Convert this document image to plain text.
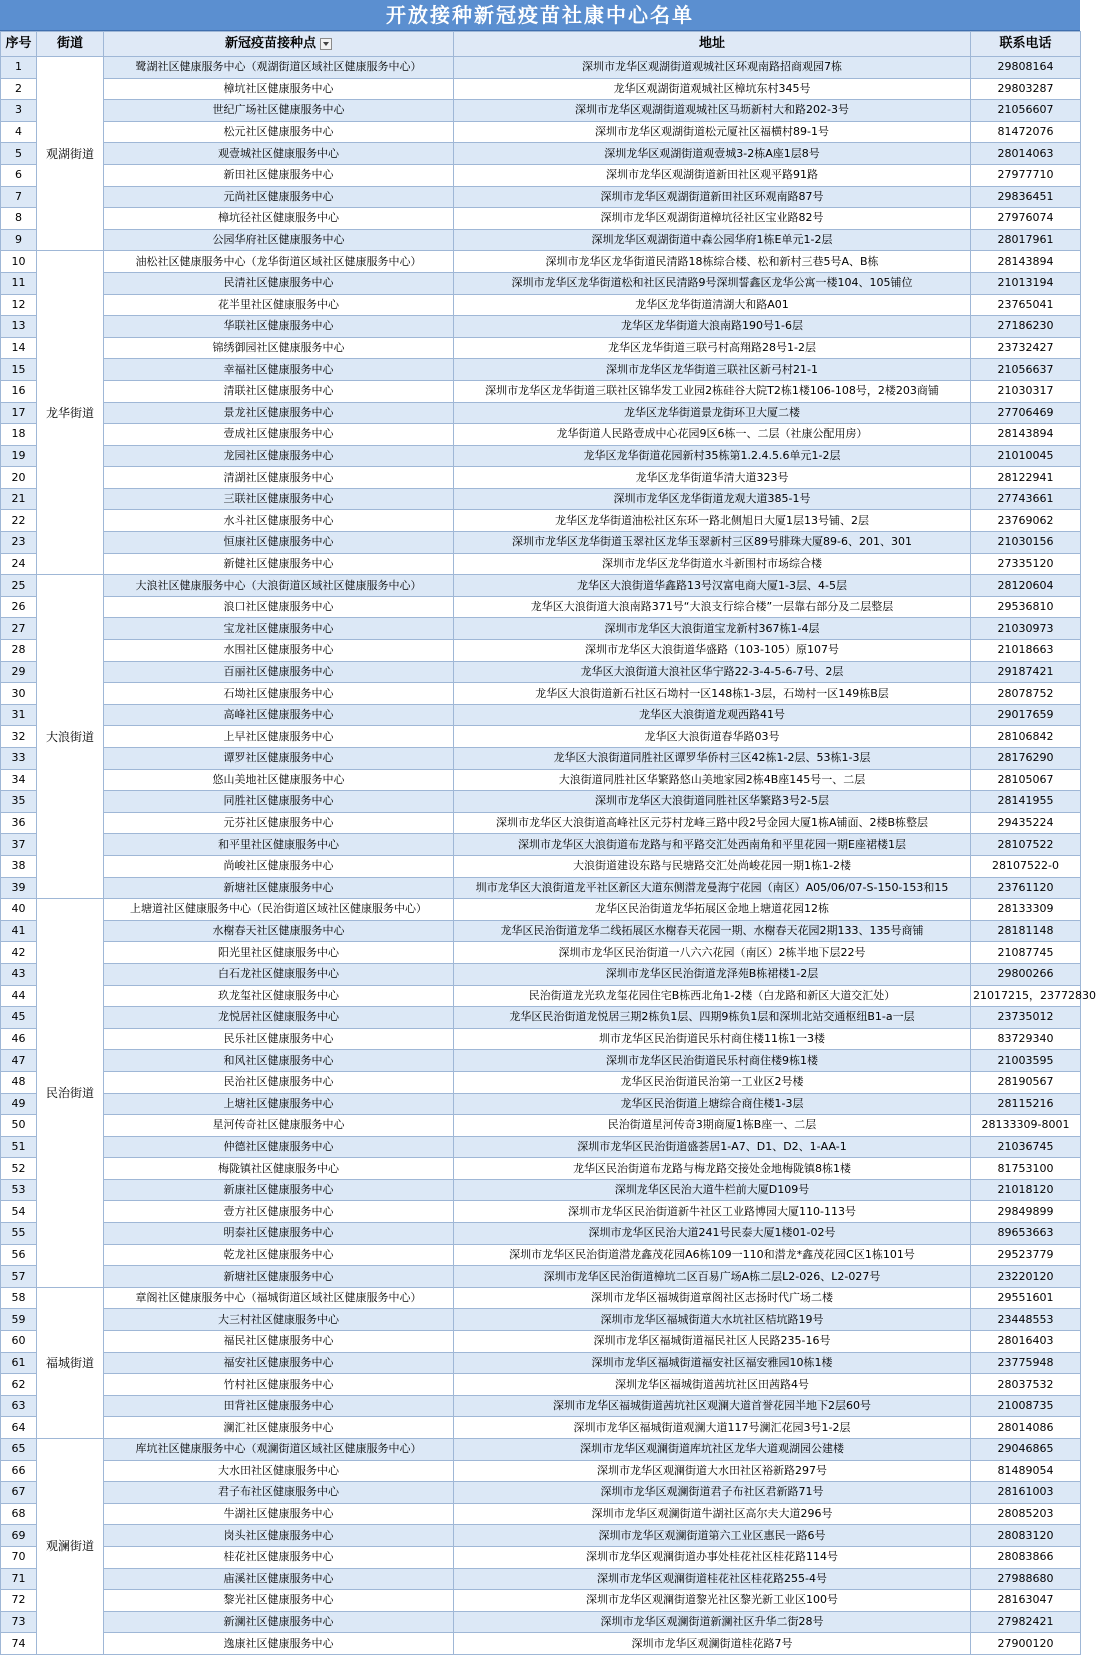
开放接种新冠疫苗社康中心名单
序号	街道	新冠疫苗接种点	地址	联系电话
1	观湖街道	鹭湖社区健康服务中心（观湖街道区域社区健康服务中心）	深圳市龙华区观湖街道观城社区环观南路招商观园7栋	29808164
2		樟坑社区健康服务中心	龙华区观湖街道观城社区樟坑东村345号	29803287
3		世纪广场社区健康服务中心	深圳市龙华区观湖街道观城社区马坜新村大和路202-3号	21056607
4		松元社区健康服务中心	深圳市龙华区观湖街道松元厦社区福横村89-1号	81472076
5		观壹城社区健康服务中心	深圳龙华区观湖街道观壹城3-2栋A座1层8号	28014063
6		新田社区健康服务中心	深圳市龙华区观湖街道新田社区观平路91路	27977710
7		元尚社区健康服务中心	深圳市龙华区观湖街道新田社区环观南路87号	29836451
8		樟坑径社区健康服务中心	深圳市龙华区观湖街道樟坑径社区宝业路82号	27976074
9		公园华府社区健康服务中心	深圳龙华区观湖街道中森公园华府1栋E单元1-2层	28017961
10	龙华街道	油松社区健康服务中心（龙华街道区域社区健康服务中心）	深圳市龙华区龙华街道民清路18栋综合楼、松和新村三巷5号A、B栋	28143894
11		民清社区健康服务中心	深圳市龙华区龙华街道松和社区民清路9号深圳誓鑫区龙华公寓一楼104、105铺位	21013194
12		花半里社区健康服务中心	龙华区龙华街道清湖大和路A01	23765041
13		华联社区健康服务中心	龙华区龙华街道大浪南路190号1-6层	27186230
14		锦绣御园社区健康服务中心	龙华区龙华街道三联弓村高翔路28号1-2层	23732427
15		幸福社区健康服务中心	深圳市龙华区龙华街道三联社区新弓村21-1	21056637
16		清联社区健康服务中心	深圳市龙华区龙华街道三联社区锦华发工业园2栋硅谷大院T2栋1楼106-108号，2楼203商铺	21030317
17		景龙社区健康服务中心	龙华区龙华街道景龙街环卫大厦二楼	27706469
18		壹成社区健康服务中心	龙华街道人民路壹成中心花园9区6栋一、二层（社康公配用房）	28143894
19		龙园社区健康服务中心	龙华区龙华街道花园新村35栋第1.2.4.5.6单元1-2层	21010045
20		清湖社区健康服务中心	龙华区龙华街道华清大道323号	28122941
21		三联社区健康服务中心	深圳市龙华区龙华街道龙观大道385-1号	27743661
22		水斗社区健康服务中心	龙华区龙华街道油松社区东环一路北侧旭日大厦1层13号铺、2层	23769062
23		恒康社区健康服务中心	深圳市龙华区龙华街道玉翠社区龙华玉翠新村三区89号腓珠大厦89-6、201、301	21030156
24		新健社区健康服务中心	深圳市龙华区龙华街道水斗新围村市场综合楼	27335120
25	大浪街道	大浪社区健康服务中心（大浪街道区域社区健康服务中心）	龙华区大浪街道华鑫路13号汉富电商大厦1-3层、4-5层	28120604
26		浪口社区健康服务中心	龙华区大浪街道大浪南路371号“大浪支行综合楼”一层靠右部分及二层整层	29536810
27		宝龙社区健康服务中心	深圳市龙华区大浪街道宝龙新村367栋1-4层	21030973
28		水围社区健康服务中心	深圳市龙华区大浪街道华盛路（103-105）原107号	21018663
29		百丽社区健康服务中心	龙华区大浪街道大浪社区华宁路22-3-4-5-6-7号、2层	29187421
30		石坳社区健康服务中心	龙华区大浪街道新石社区石坳村一区148栋1-3层，石坳村一区149栋B层	28078752
31		高峰社区健康服务中心	龙华区大浪街道龙观西路41号	29017659
32		上早社区健康服务中心	龙华区大浪街道春华路03号	28106842
33		谭罗社区健康服务中心	龙华区大浪街道同胜社区谭罗华侨村三区42栋1-2层、53栋1-3层	28176290
34		悠山美地社区健康服务中心	大浪街道同胜社区华繁路悠山美地家园2栋4B座145号一、二层	28105067
35		同胜社区健康服务中心	深圳市龙华区大浪街道同胜社区华繁路3号2-5层	28141955
36		元芬社区健康服务中心	深圳市龙华区大浪街道高峰社区元芬村龙峰三路中段2号金园大厦1栋A铺面、2楼B栋整层	29435224
37		和平里社区健康服务中心	深圳市龙华区大浪街道布龙路与和平路交汇处西南角和平里花园一期E座裙楼1层	28107522
38		尚峻社区健康服务中心	大浪街道建设东路与民塘路交汇处尚峻花园一期1栋1-2楼	28107522-0
39		新塘社区健康服务中心	圳市龙华区大浪街道龙平社区新区大道东侧潜龙曼海宁花园（南区）A05/06/07-S-150-153和15	23761120
40	民治街道	上塘道社区健康服务中心（民治街道区域社区健康服务中心）	龙华区民治街道龙华拓展区金地上塘道花园12栋	28133309
41		水榭春天社区健康服务中心	龙华区民治街道龙华二线拓展区水榭春天花园一期、水榭春天花园2期133、135号商铺	28181148
42		阳光里社区健康服务中心	深圳市龙华区民治街道一八六六花园（南区）2栋半地下层22号	21087745
43		白石龙社区健康服务中心	深圳市龙华区民治街道龙泽苑B栋裙楼1-2层	29800266
44		玖龙玺社区健康服务中心	民治街道龙光玖龙玺花园住宅B栋西北角1-2楼（白龙路和新区大道交汇处）	21017215，23772830
45		龙悦居社区健康服务中心	龙华区民治街道龙悦居三期2栋负1层、四期9栋负1层和深圳北站交通枢纽B1-a一层	23735012
46		民乐社区健康服务中心	圳市龙华区民治街道民乐村商住楼11栋1一3楼	83729340
47		和风社区健康服务中心	深圳市龙华区民治街道民乐村商住楼9栋1楼	21003595
48		民治社区健康服务中心	龙华区民治街道民治第一工业区2号楼	28190567
49		上塘社区健康服务中心	龙华区民治街道上塘综合商住楼1-3层	28115216
50		星河传奇社区健康服务中心	民治街道星河传奇3期商厦1栋B座一、二层	28133309-8001
51		仲德社区健康服务中心	深圳市龙华区民治街道盛荟居1-A7、D1、D2、1-AA-1	21036745
52		梅陇镇社区健康服务中心	龙华区民治街道布龙路与梅龙路交接处金地梅陇镇8栋1楼	81753100
53		新康社区健康服务中心	深圳龙华区民治大道牛栏前大厦D109号	21018120
54		壹方社区健康服务中心	深圳市龙华区民治街道新牛社区工业路博园大厦110-113号	29849899
55		明泰社区健康服务中心	深圳市龙华区民治大道241号民泰大厦1楼01-02号	89653663
56		乾龙社区健康服务中心	深圳市龙华区民治街道潜龙鑫茂花园A6栋109一110和潜龙*鑫茂花园C区1栋101号	29523779
57		新塘社区健康服务中心	深圳市龙华区民治街道樟坑二区百易广场A栋二层L2-026、L2-027号	23220120
58	福城街道	章阁社区健康服务中心（福城街道区域社区健康服务中心）	深圳市龙华区福城街道章阁社区志扬时代广场二楼	29551601
59		大三村社区健康服务中心	深圳市龙华区福城街道大水坑社区桔坑路19号	23448553
60		福民社区健康服务中心	深圳市龙华区福城街道福民社区人民路235-16号	28016403
61		福安社区健康服务中心	深圳市龙华区福城街道福安社区福安雅园10栋1楼	23775948
62		竹村社区健康服务中心	深圳龙华区福城街道茜坑社区田茜路4号	28037532
63		田背社区健康服务中心	深圳市龙华区福城街道茜坑社区观澜大道首誉花园半地下2层60号	21008735
64		澜汇社区健康服务中心	深圳市龙华区福城街道观澜大道117号澜汇花园3号1-2层	28014086
65	观澜街道	库坑社区健康服务中心（观澜街道区域社区健康服务中心）	深圳市龙华区观澜街道库坑社区龙华大道观湖园公建楼	29046865
66		大水田社区健康服务中心	深圳市龙华区观澜街道大水田社区裕新路297号	81489054
67		君子布社区健康服务中心	深圳市龙华区观澜街道君子布社区君新路71号	28161003
68		牛湖社区健康服务中心	深圳市龙华区观澜街道牛湖社区高尔夫大道296号	28085203
69		岗头社区健康服务中心	深圳市龙华区观澜街道第六工业区惠民一路6号	28083120
70		桂花社区健康服务中心	深圳市龙华区观澜街道办事处桂花社区桂花路114号	28083866
71		庙溪社区健康服务中心	深圳市龙华区观澜街道桂花社区桂花路255-4号	27988680
72		黎光社区健康服务中心	深圳市龙华区观澜街道黎光社区黎光新工业区100号	28163047
73		新澜社区健康服务中心	深圳市龙华区观澜街道新澜社区升华二街28号	27982421
74		逸康社区健康服务中心	深圳市龙华区观澜街道桂花路7号	27900120
